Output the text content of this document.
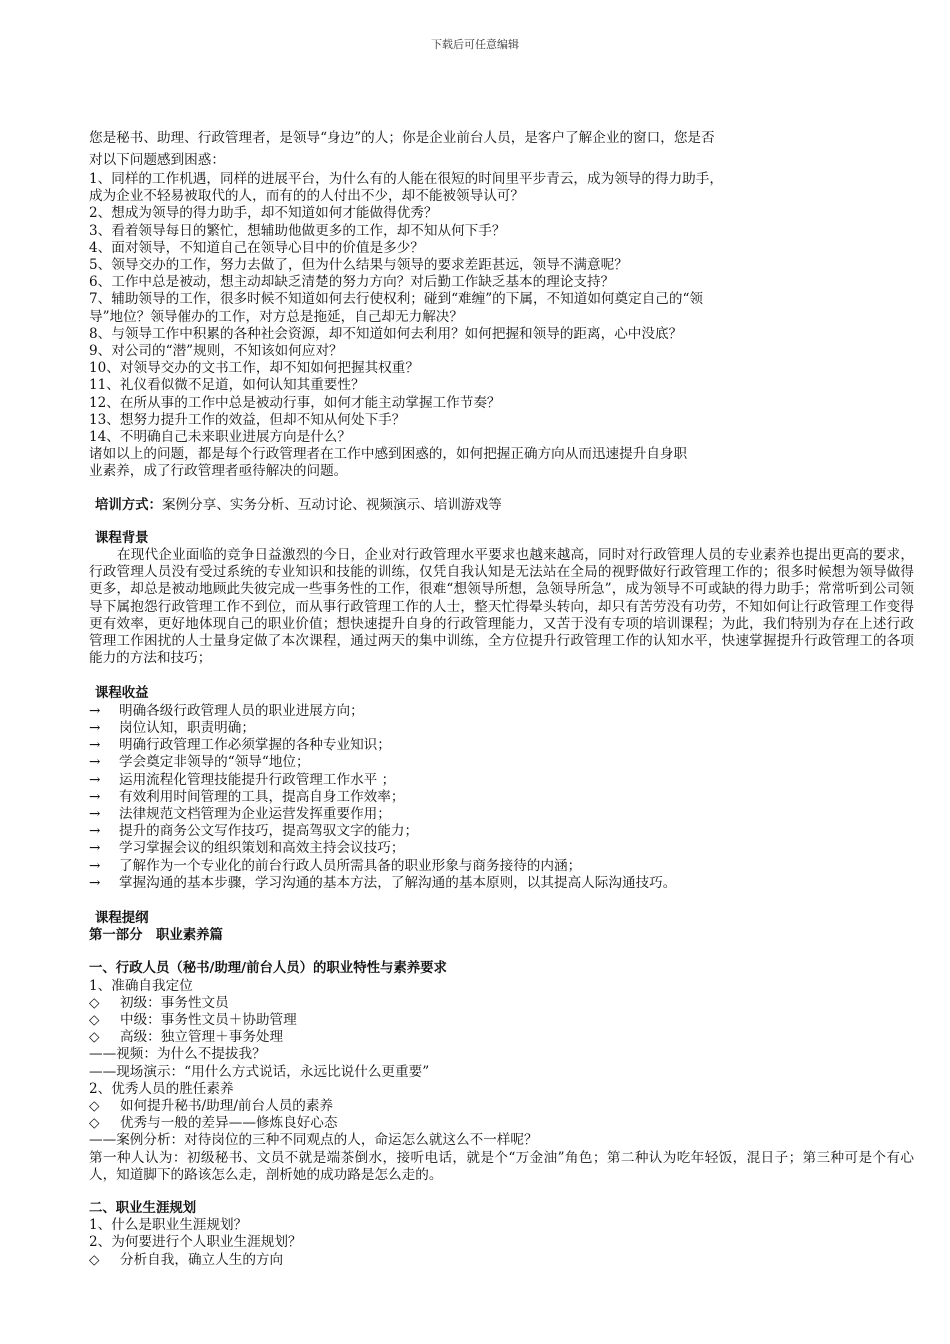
下载后可任意编辑

您是秘书、助理、行政管理者，是领导“身边”的人；你是企业前台人员，是客户了解企业的窗口，您是否

对以下问题感到困惑：

1、同样的工作机遇，同样的进展平台，为什么有的人能在很短的时间里平步青云，成为领导的得力助手，

成为企业不轻易被取代的人，而有的的人付出不少，却不能被领导认可？

2、想成为领导的得力助手，却不知道如何才能做得优秀？

3、看着领导每日的繁忙，想辅助他做更多的工作，却不知从何下手？

4、面对领导，不知道自己在领导心目中的价值是多少？

5、领导交办的工作，努力去做了，但为什么结果与领导的要求差距甚远，领导不满意呢？

6、工作中总是被动，想主动却缺乏清楚的努力方向？对后勤工作缺乏基本的理论支持？

7、辅助领导的工作，很多时候不知道如何去行使权利；碰到“难缠”的下属，不知道如何奠定自己的“领

导”地位？领导催办的工作，对方总是拖延，自己却无力解决？

8、与领导工作中积累的各种社会资源，却不知道如何去利用？如何把握和领导的距离，心中没底？

9、对公司的“潜”规则，不知该如何应对？

10、对领导交办的文书工作，却不知如何把握其权重？

11、礼仪看似微不足道，如何认知其重要性？

12、在所从事的工作中总是被动行事，如何才能主动掌握工作节奏？

13、想努力提升工作的效益，但却不知从何处下手？

14、不明确自己未来职业进展方向是什么？

诸如以上的问题，都是每个行政管理者在工作中感到困惑的，如何把握正确方向从而迅速提升自身职

业素养，成了行政管理者亟待解决的问题。

培训方式：案例分享、实务分析、互动讨论、视频演示、培训游戏等

课程背景

在现代企业面临的竞争日益激烈的今日，企业对行政管理水平要求也越来越高，同时对行政管理人员的专业素养也提出更高的要求，行政管理人员没有受过系统的专业知识和技能的训练，仅凭自我认知是无法站在全局的视野做好行政管理工作的；很多时候想为领导做得更多，却总是被动地顾此失彼完成一些事务性的工作，很难“想领导所想，急领导所急”，成为领导不可或缺的得力助手；常常听到公司领导下属抱怨行政管理工作不到位，而从事行政管理工作的人士，整天忙得晕头转向，却只有苦劳没有功劳，不知如何让行政管理工作变得更有效率，更好地体现自己的职业价值；想快速提升自身的行政管理能力，又苦于没有专项的培训课程；为此，我们特别为存在上述行政管理工作困扰的人士量身定做了本次课程，通过两天的集中训练，全方位提升行政管理工作的认知水平，快速掌握提升行政管理工的各项能力的方法和技巧；

课程收益

→	明确各级行政管理人员的职业进展方向；
→	岗位认知，职责明确；
→	明确行政管理工作必须掌握的各种专业知识；
→	学会奠定非领导的“领导“地位；
→	运用流程化管理技能提升行政管理工作水平 ；
→	有效利用时间管理的工具，提高自身工作效率；
→	法律规范文档管理为企业运营发挥重要作用；
→	提升的商务公文写作技巧，提高驾驭文字的能力；
→	学习掌握会议的组织策划和高效主持会议技巧；
→	了解作为一个专业化的前台行政人员所需具备的职业形象与商务接待的内涵；
→	掌握沟通的基本步骤，学习沟通的基本方法，了解沟通的基本原则，以其提高人际沟通技巧。

课程提纲

第一部分　职业素养篇

一、行政人员（秘书/助理/前台人员）的职业特性与素养要求

1、准确自我定位

◇	初级：事务性文员
◇	中级：事务性文员＋协助管理
◇	高级：独立管理＋事务处理

——视频：为什么不提拔我？

——现场演示：“用什么方式说话，永远比说什么更重要”

2、优秀人员的胜任素养

◇	如何提升秘书/助理/前台人员的素养
◇	优秀与一般的差异——修炼良好心态

——案例分析：对待岗位的三种不同观点的人，命运怎么就这么不一样呢？

第一种人认为：初级秘书、文员不就是端茶倒水，接听电话，就是个“万金油”角色；第二种认为吃年轻饭，混日子；第三种可是个有心人，知道脚下的路该怎么走，剖析她的成功路是怎么走的。

二、职业生涯规划

1、什么是职业生涯规划？

2、为何要进行个人职业生涯规划？

◇	分析自我，确立人生的方向
